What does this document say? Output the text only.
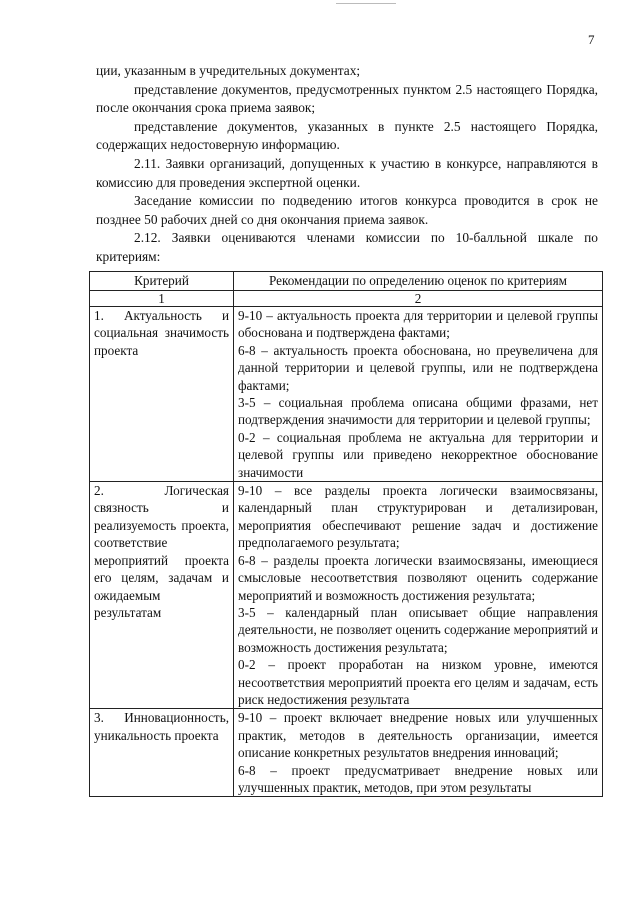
7

ции, указанным в учредительных документах;

представление документов, предусмотренных пунктом 2.5 настоящего Порядка, после окончания срока приема заявок;

представление документов, указанных в пункте 2.5 настоящего Порядка, содержащих недостоверную информацию.

2.11. Заявки организаций, допущенных к участию в конкурсе, направляются в комиссию для проведения экспертной оценки.

Заседание комиссии по подведению итогов конкурса проводится в срок не позднее 50 рабочих дней со дня окончания приема заявок.

2.12. Заявки оцениваются членами комиссии по 10-балльной шкале по критериям:

Критерий	Рекомендации по определению оценок по критериям
1	2
1. Актуальность и социальная значимость проекта	9-10 – актуальность проекта для территории и целевой группы обоснована и подтверждена фактами;

6-8 – актуальность проекта обоснована, но преувеличена для данной территории и целевой группы, или не подтверждена фактами;

3-5 – социальная проблема описана общими фразами, нет подтверждения значимости для территории и целевой группы;

0-2 – социальная проблема не актуальна для территории и целевой группы или приведено некорректное обоснование значимости

2. Логическая связность и реализуемость проекта, соответствие мероприятий проекта его целям, задачам и ожидаемым результатам	9-10 – все разделы проекта логически взаимосвязаны, календарный план структурирован и детализирован, мероприятия обеспечивают решение задач и достижение предполагаемого результата;

6-8 – разделы проекта логически взаимосвязаны, имеющиеся смысловые несоответствия позволяют оценить содержание мероприятий и возможность достижения результата;

3-5 – календарный план описывает общие направления деятельности, не позволяет оценить содержание мероприятий и возможность достижения результата;

0-2 – проект проработан на низком уровне, имеются несоответствия мероприятий проекта его целям и задачам, есть риск недостижения результата

3. Инновационность, уникальность проекта	9-10 – проект включает внедрение новых или улучшенных практик, методов в деятельность организации, имеется описание конкретных результатов внедрения инноваций;

6-8 – проект предусматривает внедрение новых или улучшенных практик, методов, при этом результаты
